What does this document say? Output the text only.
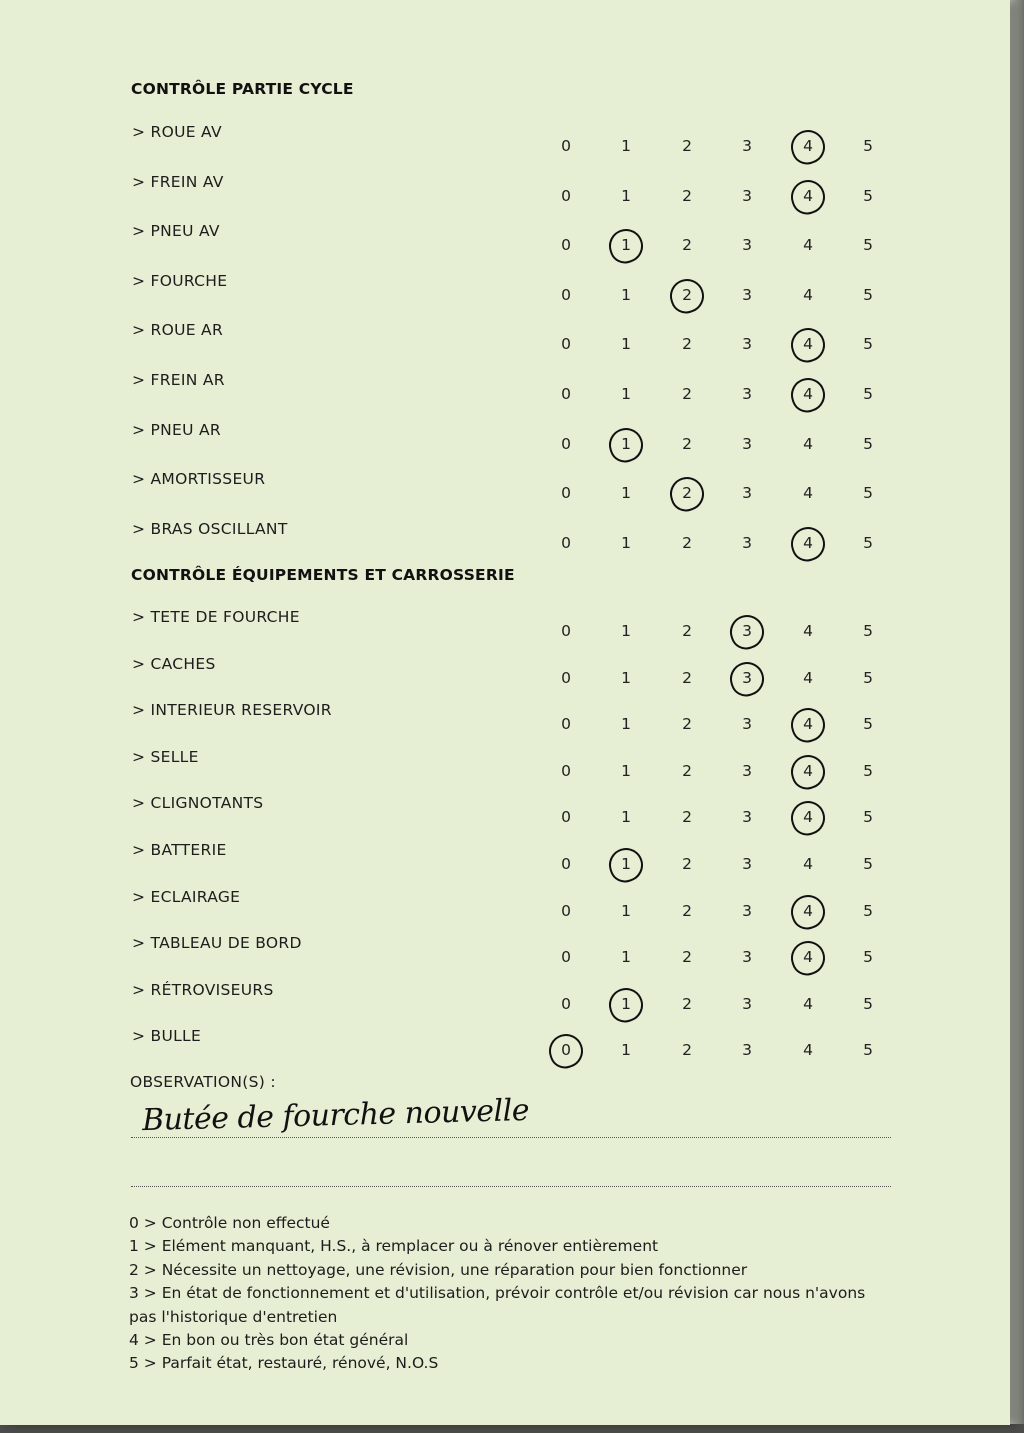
CONTRÔLE PARTIE CYCLE
> ROUE AV
0	1	2	3	4	5
> FREIN AV
0	1	2	3	4	5
> PNEU AV
0	1	2	3	4	5
> FOURCHE
0	1	2	3	4	5
> ROUE AR
0	1	2	3	4	5
> FREIN AR
0	1	2	3	4	5
> PNEU AR
0	1	2	3	4	5
> AMORTISSEUR
0	1	2	3	4	5
> BRAS OSCILLANT
0	1	2	3	4	5
CONTRÔLE ÉQUIPEMENTS ET CARROSSERIE
> TETE DE FOURCHE
0	1	2	3	4	5
> CACHES
0	1	2	3	4	5
> INTERIEUR RESERVOIR
0	1	2	3	4	5
> SELLE
0	1	2	3	4	5
> CLIGNOTANTS
0	1	2	3	4	5
> BATTERIE
0	1	2	3	4	5
> ECLAIRAGE
0	1	2	3	4	5
> TABLEAU DE BORD
0	1	2	3	4	5
> RÉTROVISEURS
0	1	2	3	4	5
> BULLE
0	1	2	3	4	5
OBSERVATION(S) :
Butée de fourche nouvelle
0 > Contrôle non effectué
1 > Elément manquant, H.S., à remplacer ou à rénover entièrement
2 > Nécessite un nettoyage, une révision, une réparation pour bien fonctionner
3 > En état de fonctionnement et d'utilisation, prévoir contrôle et/ou révision car nous n'avons pas l'historique d'entretien
4 > En bon ou très bon état général
5 > Parfait état, restauré, rénové, N.O.S
